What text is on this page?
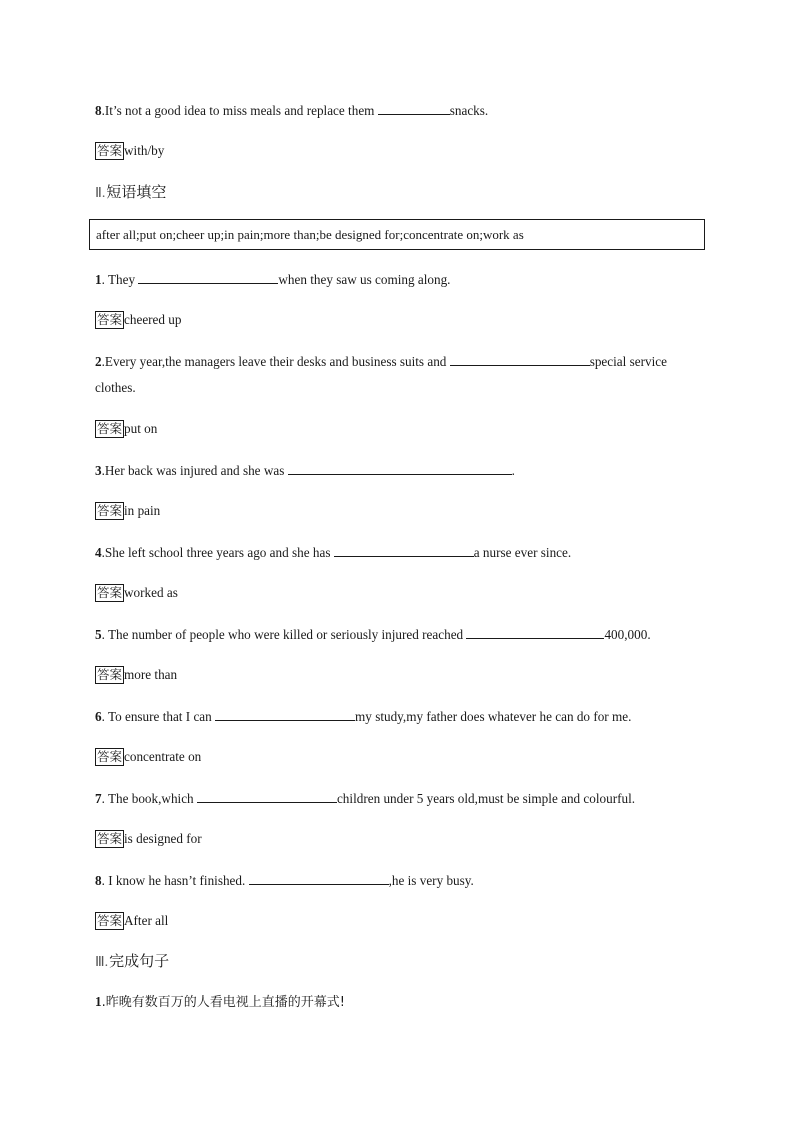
8.It’s not a good idea to miss meals and replace them	snacks.
答案 with/by
Ⅱ.短语填空
after all;put on;cheer up;in pain;more than;be designed for;concentrate on;work as
1. They	when they saw us coming along.
答案 cheered up
2.Every year,the managers leave their desks and business suits and	special service
clothes.
答案 put on
3.Her back was injured and she was	.
答案 in pain
4.She left school three years ago and she has	a nurse ever since.
答案 worked as
5. The number of people who were killed or seriously injured reached	400,000.
答案 more than
6. To ensure that I can	my study,my father does whatever he can do for me.
答案 concentrate on
7. The book,which	children under 5 years old,must be simple and colourful.
答案 is designed for
8. I know he hasn’t finished.	,he is very busy.
答案 After all
Ⅲ.完成句子
1.昨晚有数百万的人看电视上直播的开幕式!
